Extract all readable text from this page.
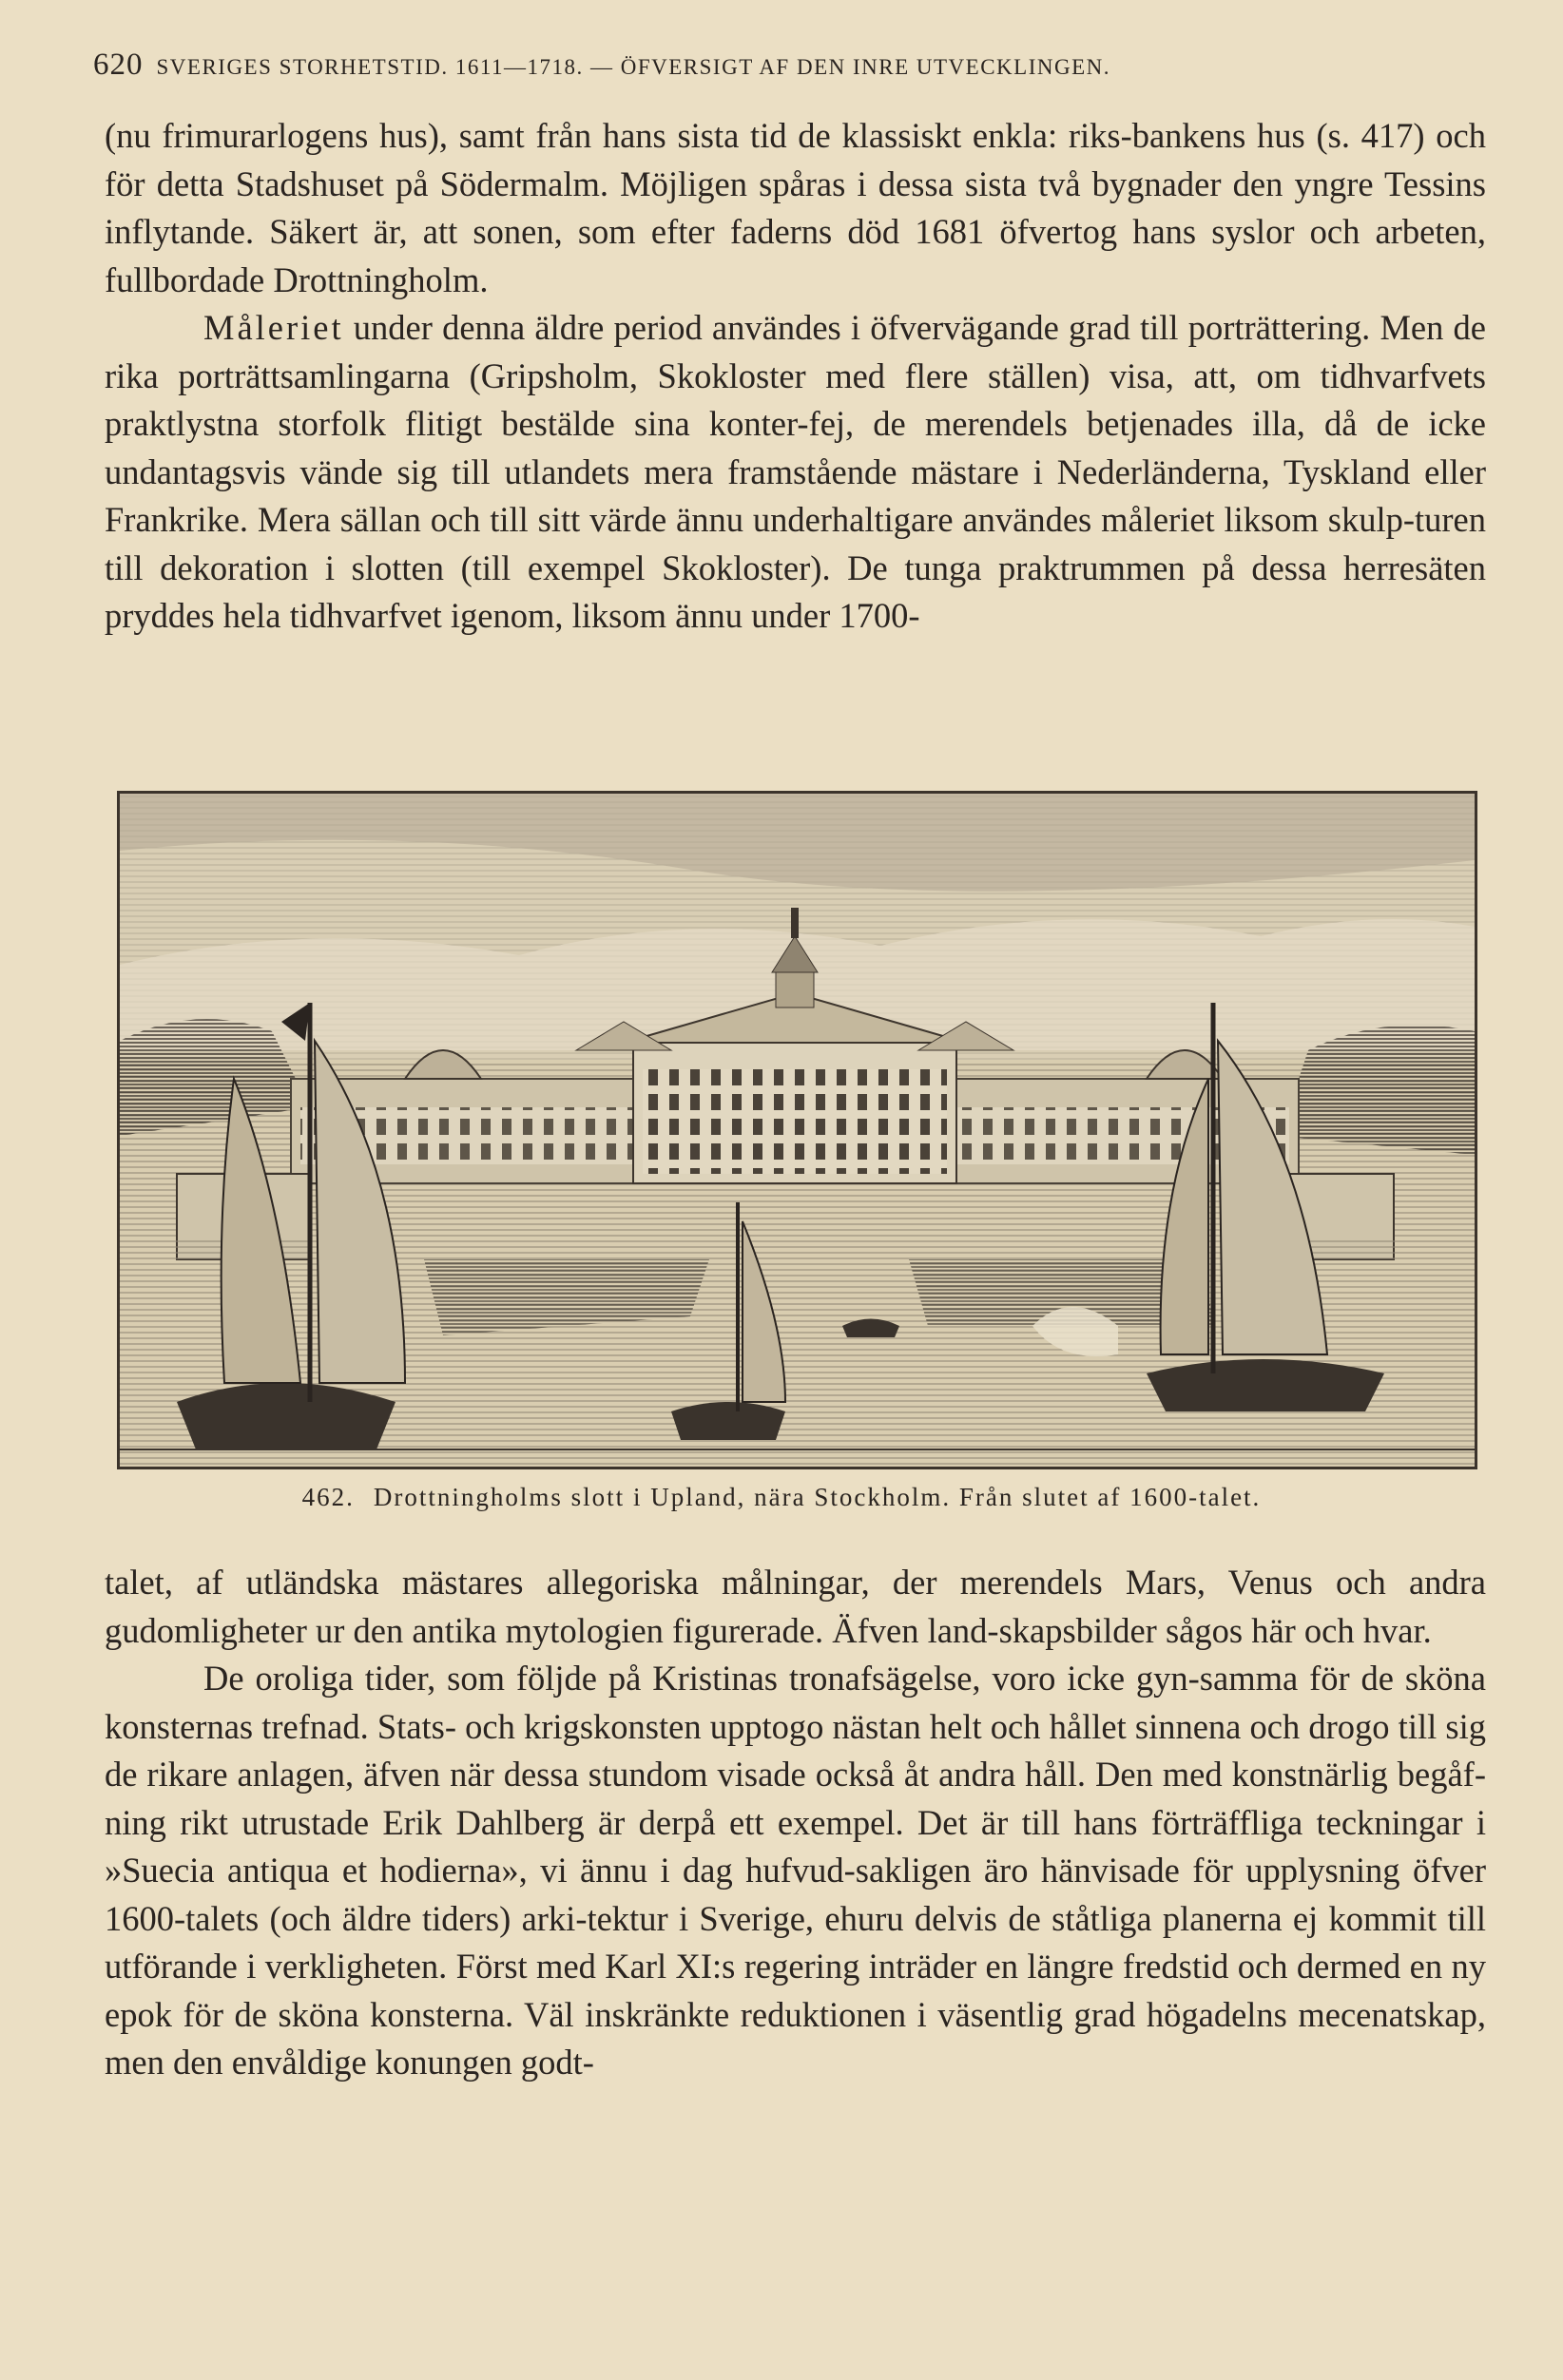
620 SVERIGES STORHETSTID. 1611—1718. — ÖFVERSIGT AF DEN INRE UTVECKLINGEN.

(nu frimurarlogens hus), samt från hans sista tid de klassiskt enkla: riks-bankens hus (s. 417) och för detta Stadshuset på Södermalm. Möjligen spåras i dessa sista två bygnader den yngre Tessins inflytande. Säkert är, att sonen, som efter faderns död 1681 öfvertog hans syslor och arbeten, fullbordade Drottningholm.

Måleriet under denna äldre period användes i öfvervägande grad till porträttering. Men de rika porträttsamlingarna (Gripsholm, Skokloster med flere ställen) visa, att, om tidhvarfvets praktlystna storfolk flitigt bestälde sina konter-fej, de merendels betjenades illa, då de icke undantagsvis vände sig till utlandets mera framstående mästare i Nederländerna, Tyskland eller Frankrike. Mera sällan och till sitt värde ännu underhaltigare användes måleriet liksom skulp-turen till dekoration i slotten (till exempel Skokloster). De tunga praktrummen på dessa herresäten pryddes hela tidhvarfvet igenom, liksom ännu under 1700-

462. Drottningholms slott i Upland, nära Stockholm. Från slutet af 1600-talet.

talet, af utländska mästares allegoriska målningar, der merendels Mars, Venus och andra gudomligheter ur den antika mytologien figurerade. Äfven land-skapsbilder sågos här och hvar.

De oroliga tider, som följde på Kristinas tronafsägelse, voro icke gyn-samma för de sköna konsternas trefnad. Stats- och krigskonsten upptogo nästan helt och hållet sinnena och drogo till sig de rikare anlagen, äfven när dessa stundom visade också åt andra håll. Den med konstnärlig begåf-ning rikt utrustade Erik Dahlberg är derpå ett exempel. Det är till hans förträffliga teckningar i »Suecia antiqua et hodierna», vi ännu i dag hufvud-sakligen äro hänvisade för upplysning öfver 1600-talets (och äldre tiders) arki-tektur i Sverige, ehuru delvis de ståtliga planerna ej kommit till utförande i verkligheten. Först med Karl XI:s regering inträder en längre fredstid och dermed en ny epok för de sköna konsterna. Väl inskränkte reduktionen i väsentlig grad högadelns mecenatskap, men den envåldige konungen godt-
